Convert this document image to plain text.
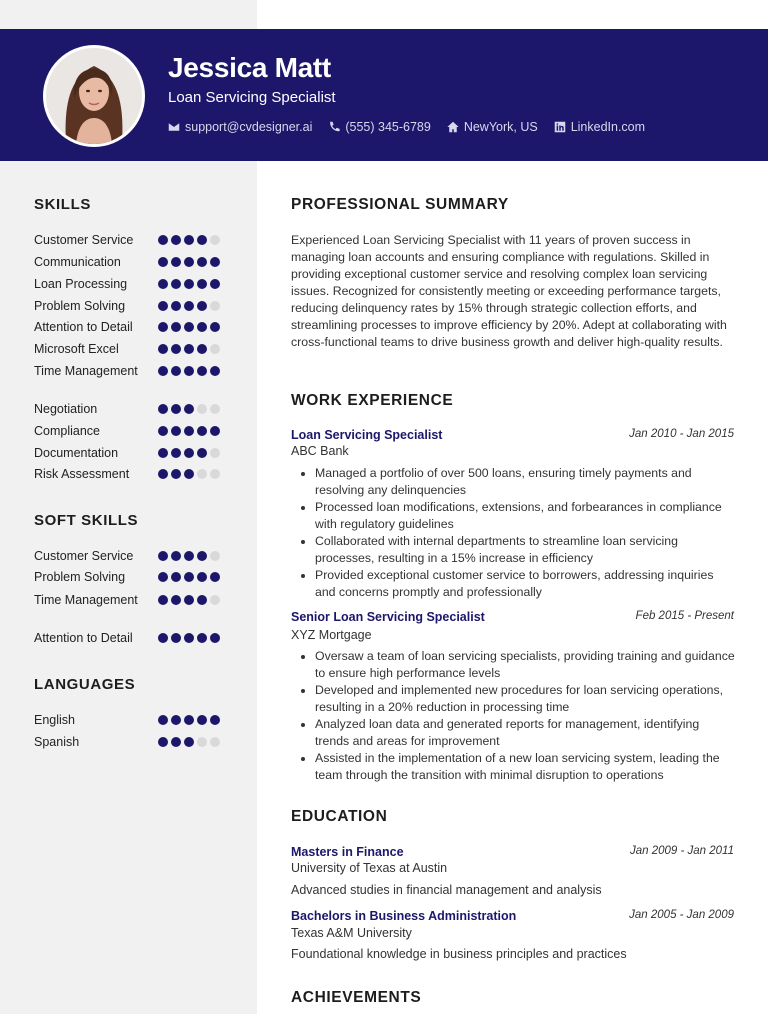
Jessica Matt
Loan Servicing Specialist
support@cvdesigner.ai	(555) 345-6789	NewYork, US	LinkedIn.com
SKILLS
Customer Service
Communication
Loan Processing
Problem Solving
Attention to Detail
Microsoft Excel
Time Management
Negotiation
Compliance
Documentation
Risk Assessment
SOFT SKILLS
Customer Service
Problem Solving
Time Management
Attention to Detail
LANGUAGES
English
Spanish
PROFESSIONAL SUMMARY
Experienced Loan Servicing Specialist with 11 years of proven success in managing loan accounts and ensuring compliance with regulations. Skilled in providing exceptional customer service and resolving complex loan servicing issues. Recognized for consistently meeting or exceeding performance targets, reducing delinquency rates by 15% through strategic collection efforts, and streamlining processes to improve efficiency by 20%. Adept at collaborating with cross-functional teams to drive business growth and deliver high-quality results.
WORK EXPERIENCE
Loan Servicing Specialist	Jan 2010 - Jan 2015
ABC Bank
Managed a portfolio of over 500 loans, ensuring timely payments and resolving any delinquencies
Processed loan modifications, extensions, and forbearances in compliance with regulatory guidelines
Collaborated with internal departments to streamline loan servicing processes, resulting in a 15% increase in efficiency
Provided exceptional customer service to borrowers, addressing inquiries and concerns promptly and professionally
Senior Loan Servicing Specialist	Feb 2015 - Present
XYZ Mortgage
Oversaw a team of loan servicing specialists, providing training and guidance to ensure high performance levels
Developed and implemented new procedures for loan servicing operations, resulting in a 20% reduction in processing time
Analyzed loan data and generated reports for management, identifying trends and areas for improvement
Assisted in the implementation of a new loan servicing system, leading the team through the transition with minimal disruption to operations
EDUCATION
Masters in Finance	Jan 2009 - Jan 2011
University of Texas at Austin
Advanced studies in financial management and analysis
Bachelors in Business Administration	Jan 2005 - Jan 2009
Texas A&M University
Foundational knowledge in business principles and practices
ACHIEVEMENTS
